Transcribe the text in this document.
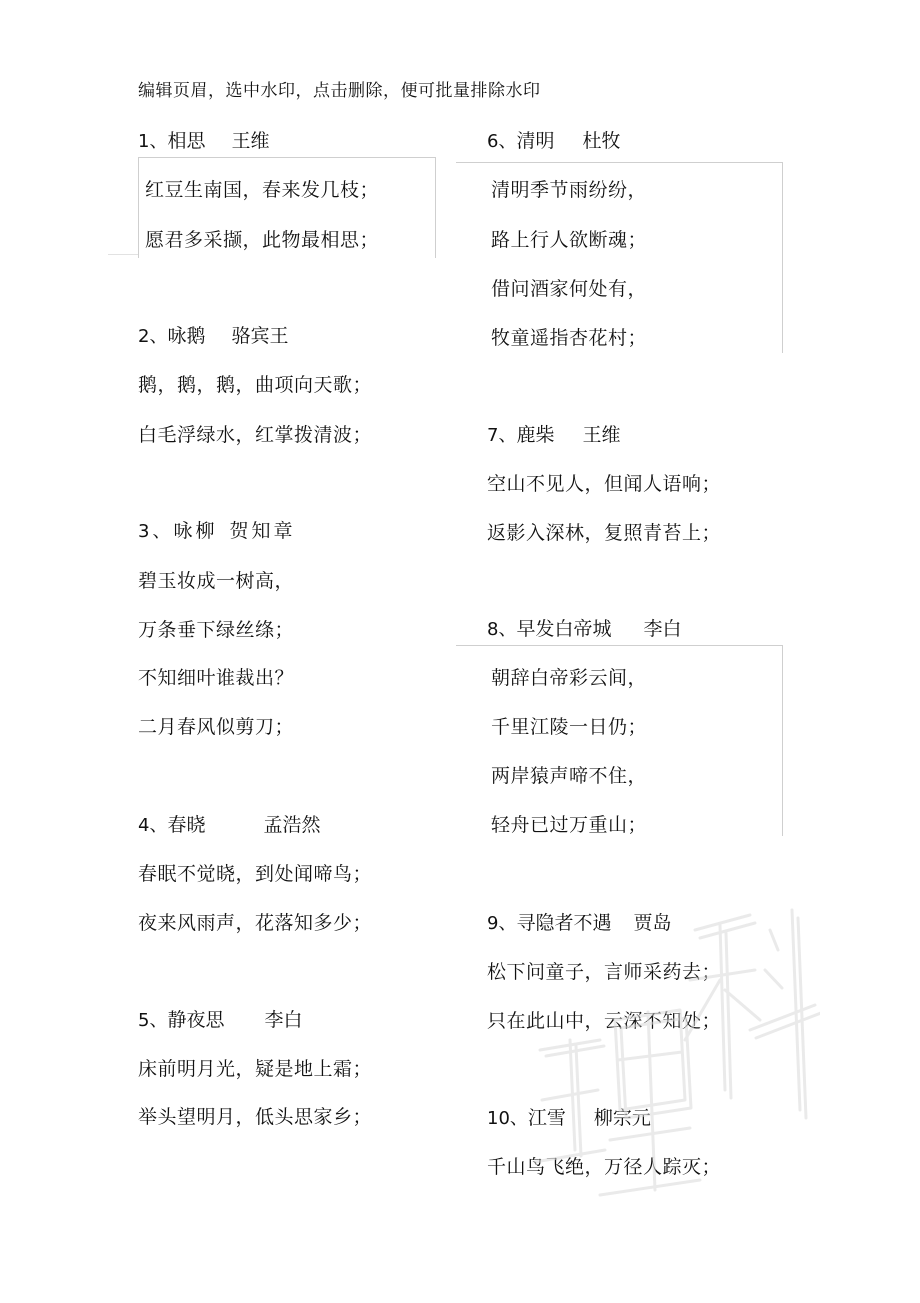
编辑页眉，选中水印，点击删除，便可批量排除水印

1、相思 王维

红豆生南国，春来发几枝；

愿君多采撷，此物最相思；

2、咏鹅 骆宾王

鹅，鹅，鹅，曲项向天歌；

白毛浮绿水，红掌拨清波；

3、咏柳 贺知章

碧玉妆成一树高，

万条垂下绿丝绦；

不知细叶谁裁出？

二月春风似剪刀；

4、春晓	孟浩然

春眠不觉晓，到处闻啼鸟；

夜来风雨声，花落知多少；

5、静夜思 李白

床前明月光，疑是地上霜；

举头望明月，低头思家乡；

6、清明 杜牧

清明季节雨纷纷，

路上行人欲断魂；

借问酒家何处有，

牧童遥指杏花村；

7、鹿柴 王维

空山不见人，但闻人语响；

返影入深林，复照青苔上；

8、早发白帝城 李白

朝辞白帝彩云间，

千里江陵一日仍；

两岸猿声啼不住，

轻舟已过万重山；

9、寻隐者不遇 贾岛

松下问童子，言师采药去；

只在此山中，云深不知处；

10、江雪 柳宗元

千山鸟飞绝，万径人踪灭；
